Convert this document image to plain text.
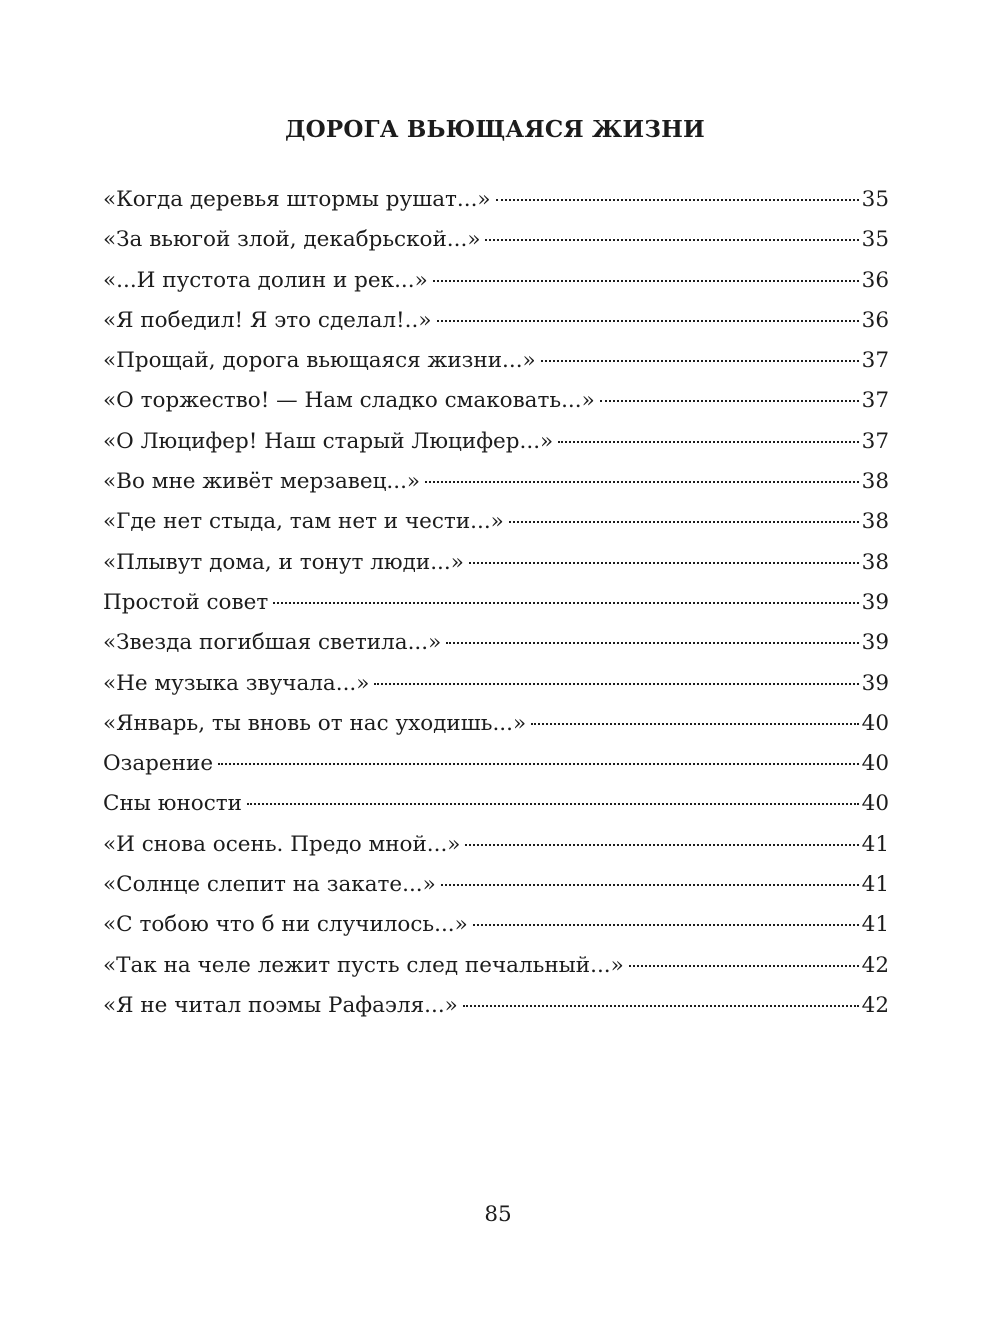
ДОРОГА ВЬЮЩАЯСЯ ЖИЗНИ
«Когда деревья штормы рушат...»	35
«За вьюгой злой, декабрьской...»	35
«...И пустота долин и рек...»	36
«Я победил! Я это сделал!..»	36
«Прощай, дорога вьющаяся жизни...»	37
«О торжество! — Нам сладко смаковать...»	37
«О Люцифер! Наш старый Люцифер...»	37
«Во мне живёт мерзавец...»	38
«Где нет стыда, там нет и чести...»	38
«Плывут дома, и тонут люди...»	38
Простой совет	39
«Звезда погибшая светила...»	39
«Не музыка звучала...»	39
«Январь, ты вновь от нас уходишь...»	40
Озарение	40
Сны юности	40
«И снова осень. Предо мной...»	41
«Солнце слепит на закате...»	41
«С тобою что б ни случилось...»	41
«Так на челе лежит пусть след печальный...»	42
«Я не читал поэмы Рафаэля...»	42

85
